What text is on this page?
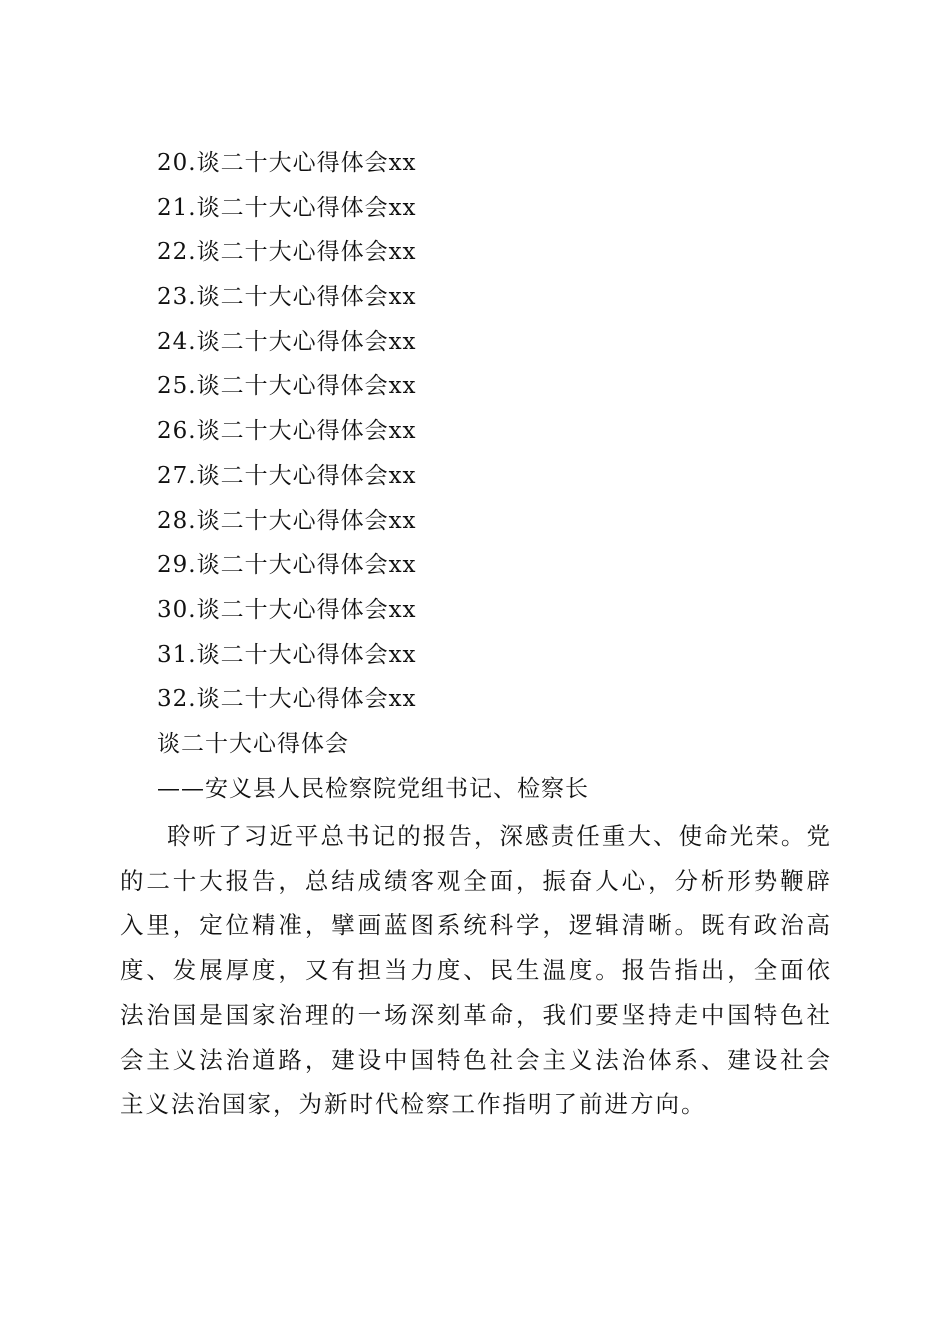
20.谈二十大心得体会xx
21.谈二十大心得体会xx
22.谈二十大心得体会xx
23.谈二十大心得体会xx
24.谈二十大心得体会xx
25.谈二十大心得体会xx
26.谈二十大心得体会xx
27.谈二十大心得体会xx
28.谈二十大心得体会xx
29.谈二十大心得体会xx
30.谈二十大心得体会xx
31.谈二十大心得体会xx
32.谈二十大心得体会xx
谈二十大心得体会

——安义县人民检察院党组书记、检察长

聆听了习近平总书记的报告，深感责任重大、使命光荣。党的二十大报告，总结成绩客观全面，振奋人心，分析形势鞭辟入里，定位精准，擘画蓝图系统科学，逻辑清晰。既有政治高度、发展厚度，又有担当力度、民生温度。报告指出，全面依法治国是国家治理的一场深刻革命，我们要坚持走中国特色社会主义法治道路，建设中国特色社会主义法治体系、建设社会主义法治国家，为新时代检察工作指明了前进方向。
